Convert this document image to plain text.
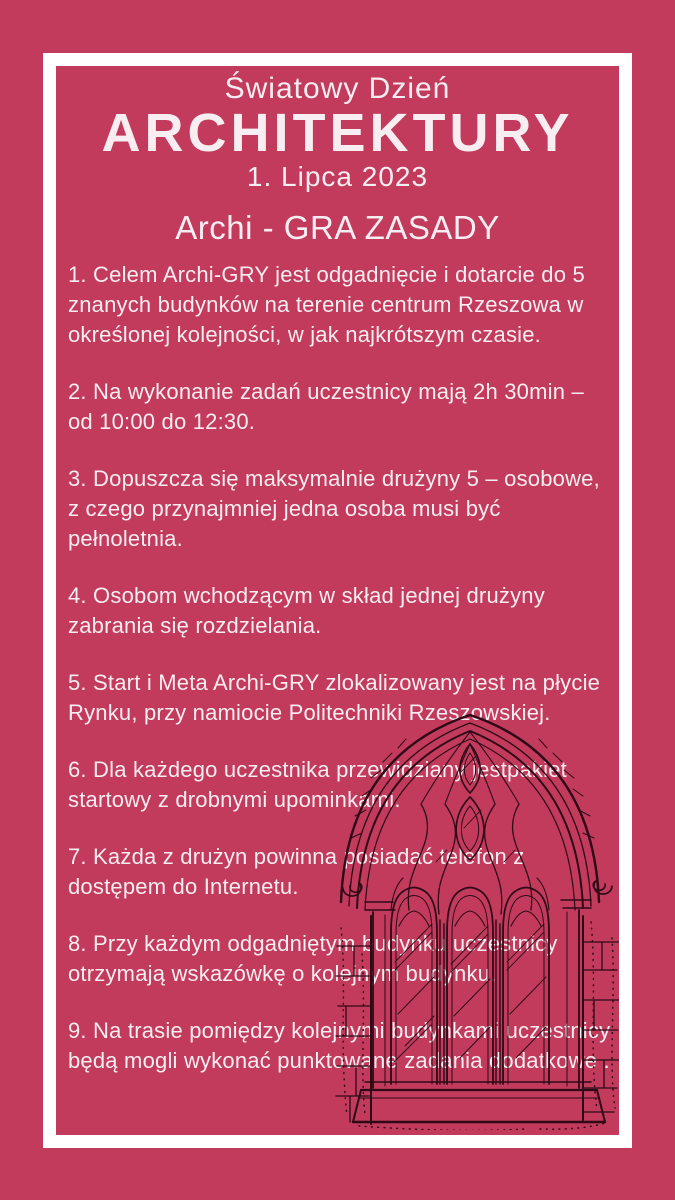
Światowy Dzień
ARCHITEKTURY
1. Lipca 2023
Archi - GRA ZASADY

1. Celem Archi-GRY jest odgadnięcie i dotarcie do 5 znanych budynków na terenie centrum Rzeszowa w określonej kolejności, w jak najkrótszym czasie.

2. Na wykonanie zadań uczestnicy mają 2h 30min – od 10:00 do 12:30.

3. Dopuszcza się maksymalnie drużyny 5 – osobowe, z czego przynajmniej jedna osoba musi być pełnoletnia.

4. Osobom wchodzącym w skład jednej drużyny zabrania się rozdzielania.

5. Start i Meta Archi-GRY zlokalizowany jest na płycie Rynku, przy namiocie Politechniki Rzeszowskiej.

6. Dla każdego uczestnika przewidziany jestpakiet startowy z drobnymi upominkami.

7. Każda z drużyn powinna posiadać telefon z dostępem do Internetu.

8. Przy każdym odgadniętym budynku uczestnicy otrzymają wskazówkę o kolejnym budynku.

9. Na trasie pomiędzy kolejnymi budynkami uczestnicy będą mogli wykonać punktowane zadania dodatkowe .
